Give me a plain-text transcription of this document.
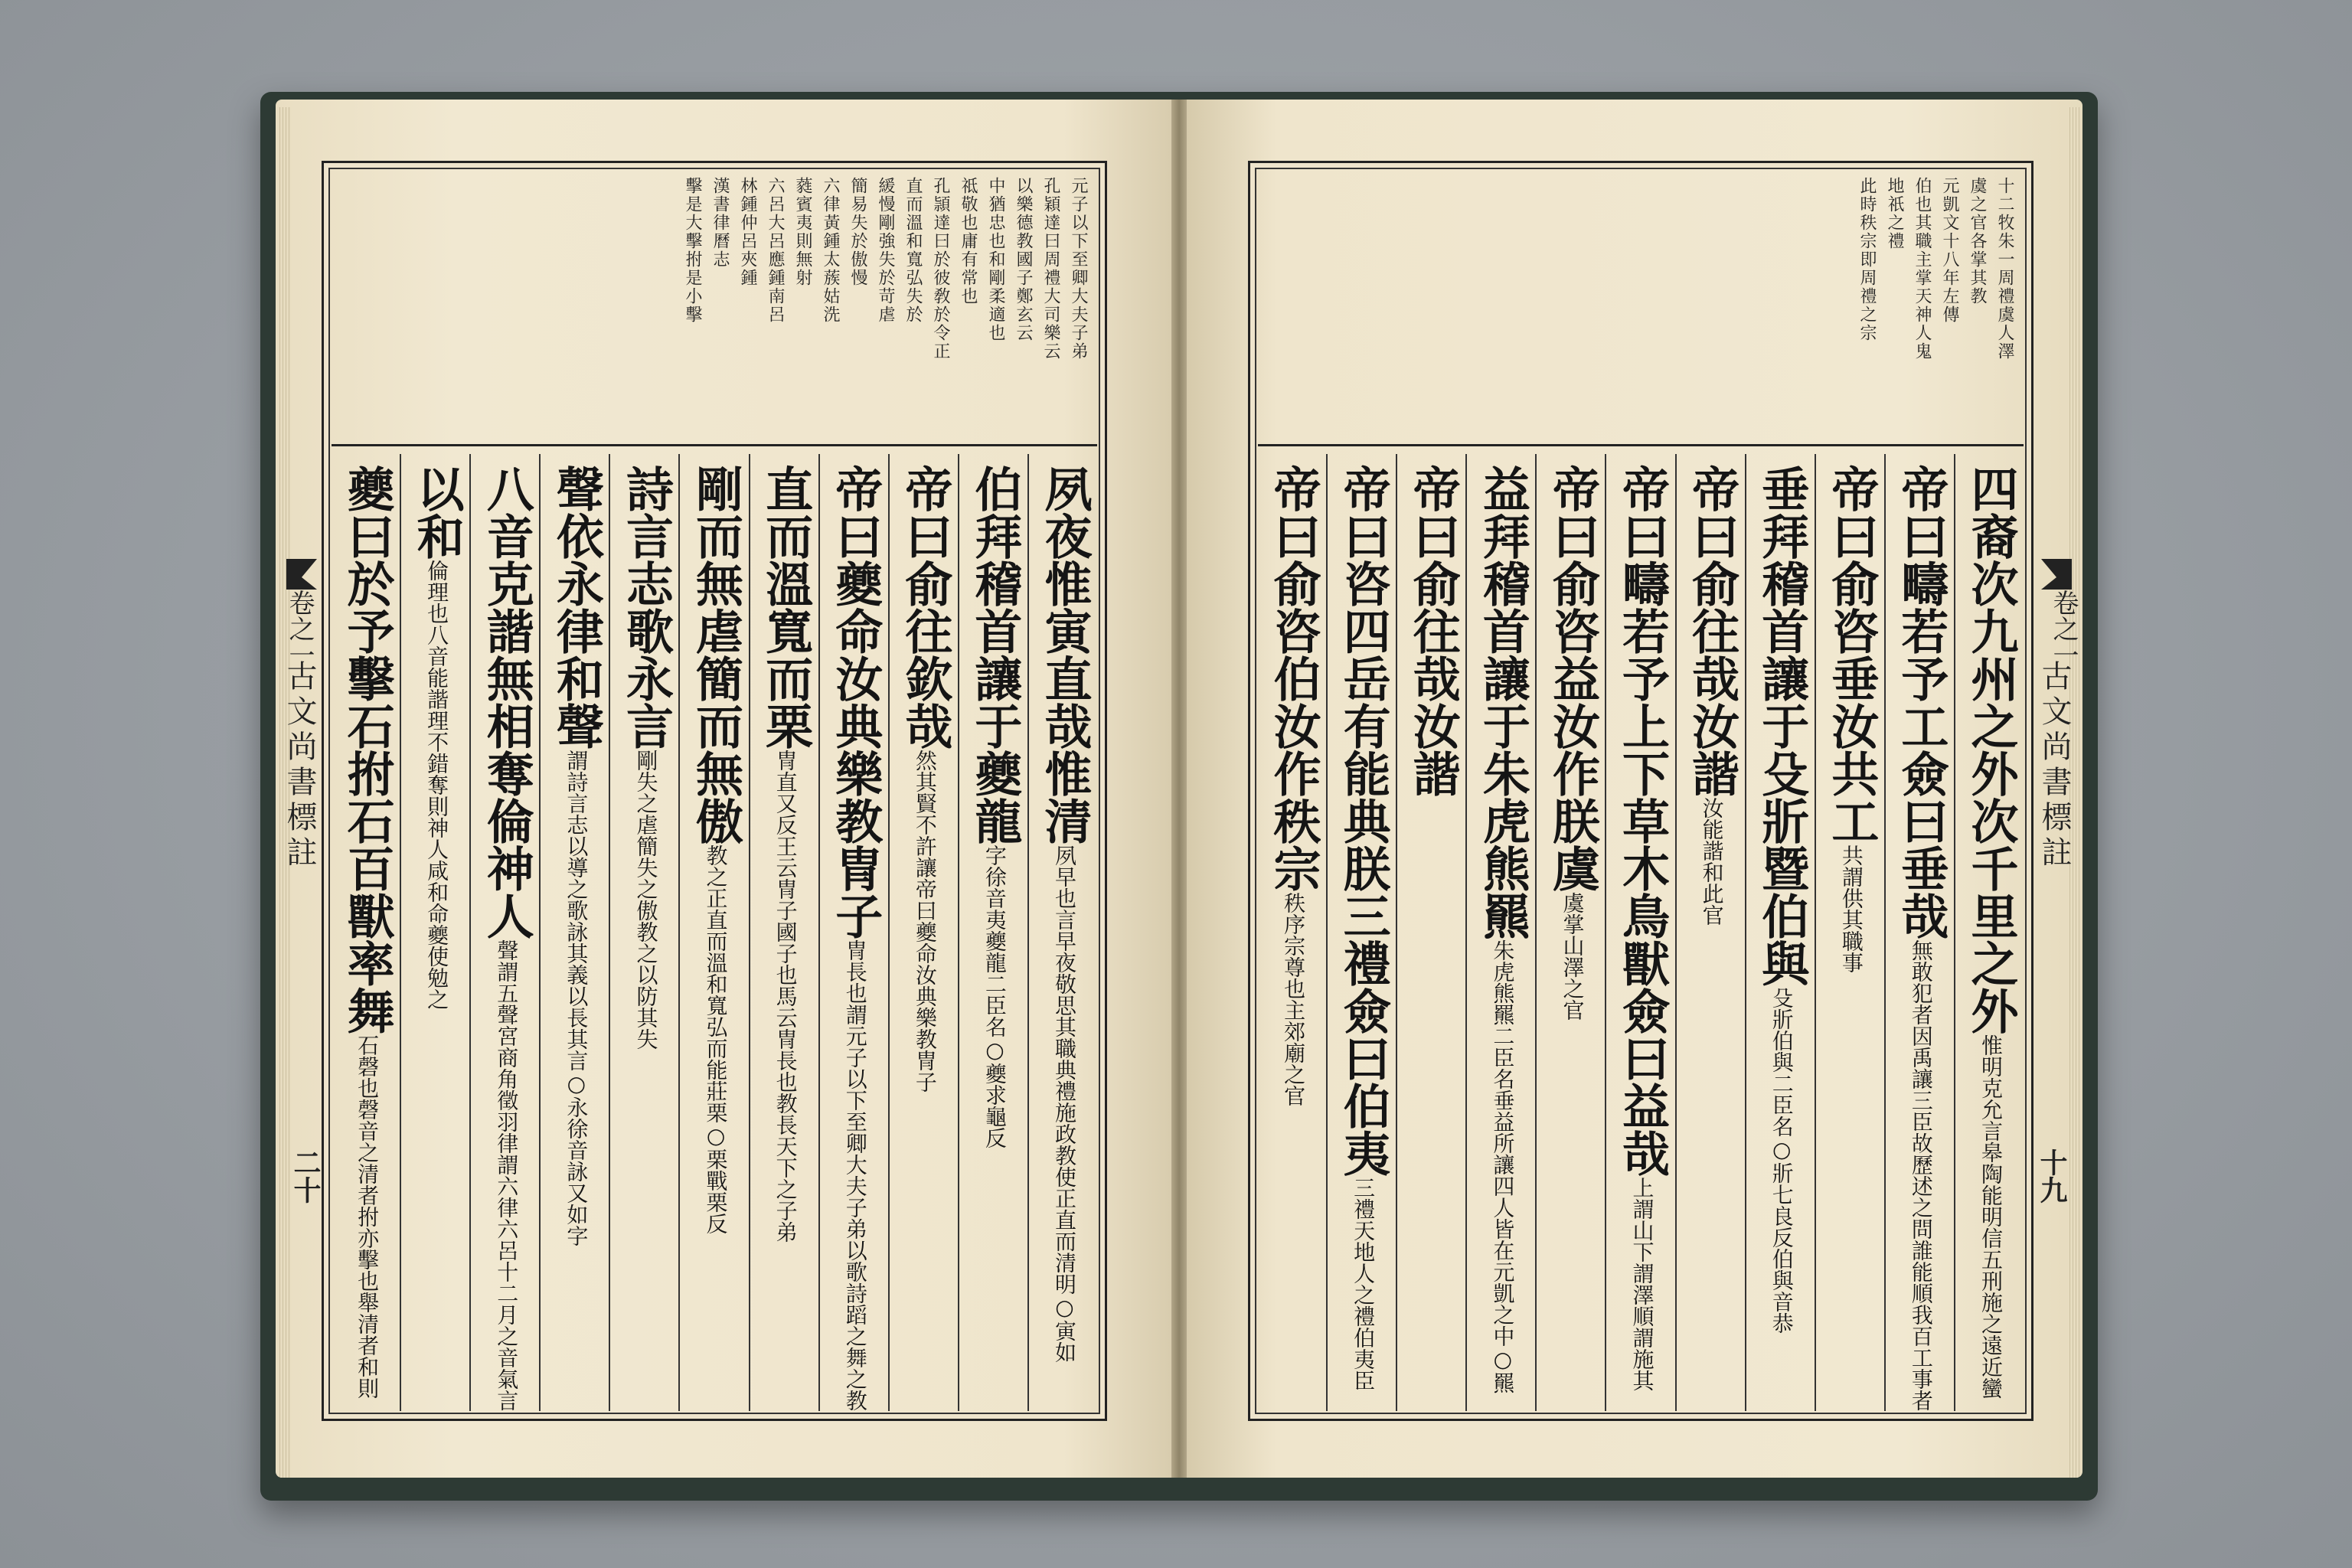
古文尚書標註
二十
元子以下至卿大夫子弟
孔穎達曰周禮大司樂云
以樂德教國子鄭玄云
中猶忠也和剛柔適也
祗敬也庸有常也
孔頴達曰於彼敎於令正
直而溫和寬弘失於
緩慢剛強失於苛虐
簡易失於傲慢
六律黃鍾太蔟姑洗
蕤賓夷則無射
六呂大呂應鍾南呂
林鍾仲呂夾鍾
漢書律曆志
擊是大擊拊是小擊
夙夜惟寅直哉惟清夙早也言早夜敬思其職典禮施政教使正直而清明○寅如
伯拜稽首讓于夔龍字徐音夷夔龍二臣名○夔求龜反
帝曰俞往欽哉然其賢不許讓帝曰夔命汝典樂教冑子
帝曰夔命汝典樂教冑子冑長也謂元子以下至卿大夫子弟以歌詩蹈之舞之教
直而溫寬而栗冑直又反王云冑子國子也馬云冑長也教長天下之子弟
剛而無虐簡而無傲教之正直而溫和寬弘而能莊栗○栗戰栗反
詩言志歌永言剛失之虐簡失之傲教之以防其失
聲依永律和聲謂詩言志以導之歌詠其義以長其言○永徐音詠又如字
八音克諧無相奪倫神人聲謂五聲宮商角徵羽律謂六律六呂十二月之音氣言
以和倫理也八音能諧理不錯奪則神人咸和命夔使勉之
夔曰於予擊石拊石百獸率舞石磬也磬音之清者拊亦擊也舉清者和則
卷之一
古文尚書標註
十九
十二牧朱一周禮虞人澤
虞之官各掌其教
元凱文十八年左傳
伯也其職主掌天神人鬼
地祇之禮
此時秩宗即周禮之宗
四裔次九州之外次千里之外惟明克允言皋陶能明信五刑施之遠近蠻
帝曰疇若予工僉曰垂哉無敢犯者因禹讓三臣故歷述之問誰能順我百工事者
帝曰俞咨垂汝共工共謂供其職事
垂拜稽首讓于殳斨暨伯與殳斨伯與二臣名○斨七良反伯與音恭
帝曰俞往哉汝諧汝能諧和此官
帝曰疇若予上下草木鳥獸僉曰益哉上謂山下謂澤順謂施其
帝曰俞咨益汝作朕虞虞掌山澤之官
益拜稽首讓于朱虎熊羆朱虎熊羆二臣名垂益所讓四人皆在元凱之中○羆
帝曰俞往哉汝諧
帝曰咨四岳有能典朕三禮僉曰伯夷三禮天地人之禮伯夷臣
帝曰俞咨伯汝作秩宗秩序宗尊也主郊廟之官
卷之一
